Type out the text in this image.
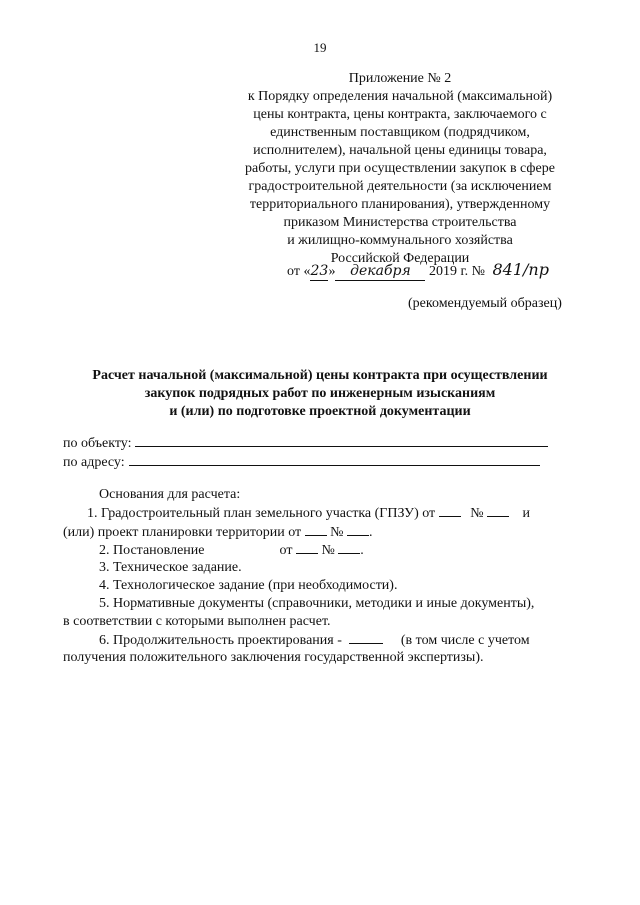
19

Приложение № 2
к Порядку определения начальной (максимальной)
цены контракта, цены контракта, заключаемого с
единственным поставщиком (подрядчиком,
исполнителем), начальной цены единицы товара,
работы, услуги при осуществлении закупок в сфере
градостроительной деятельности (за исключением
территориального планирования), утвержденному
приказом Министерства строительства
и жилищно-коммунального хозяйства
Российской Федерации

от «23» декабря 2019 г. № 841/пр

(рекомендуемый образец)

Расчет начальной (максимальной) цены контракта при осуществлении
закупок подрядных работ по инженерным изысканиям
и (или) по подготовке проектной документации

по объекту:

по адресу:

Основания для расчета:

1. Градостроительный план земельного участка (ГПЗУ) от	№	и

(или) проект планировки территории от № .

2. Постановление	от № .

3. Техническое задание.

4. Технологическое задание (при необходимости).

5. Нормативные документы (справочники, методики и иные документы),

в соответствии с которыми выполнен расчет.

6. Продолжительность проектирования -	(в том числе с учетом

получения положительного заключения государственной экспертизы).
